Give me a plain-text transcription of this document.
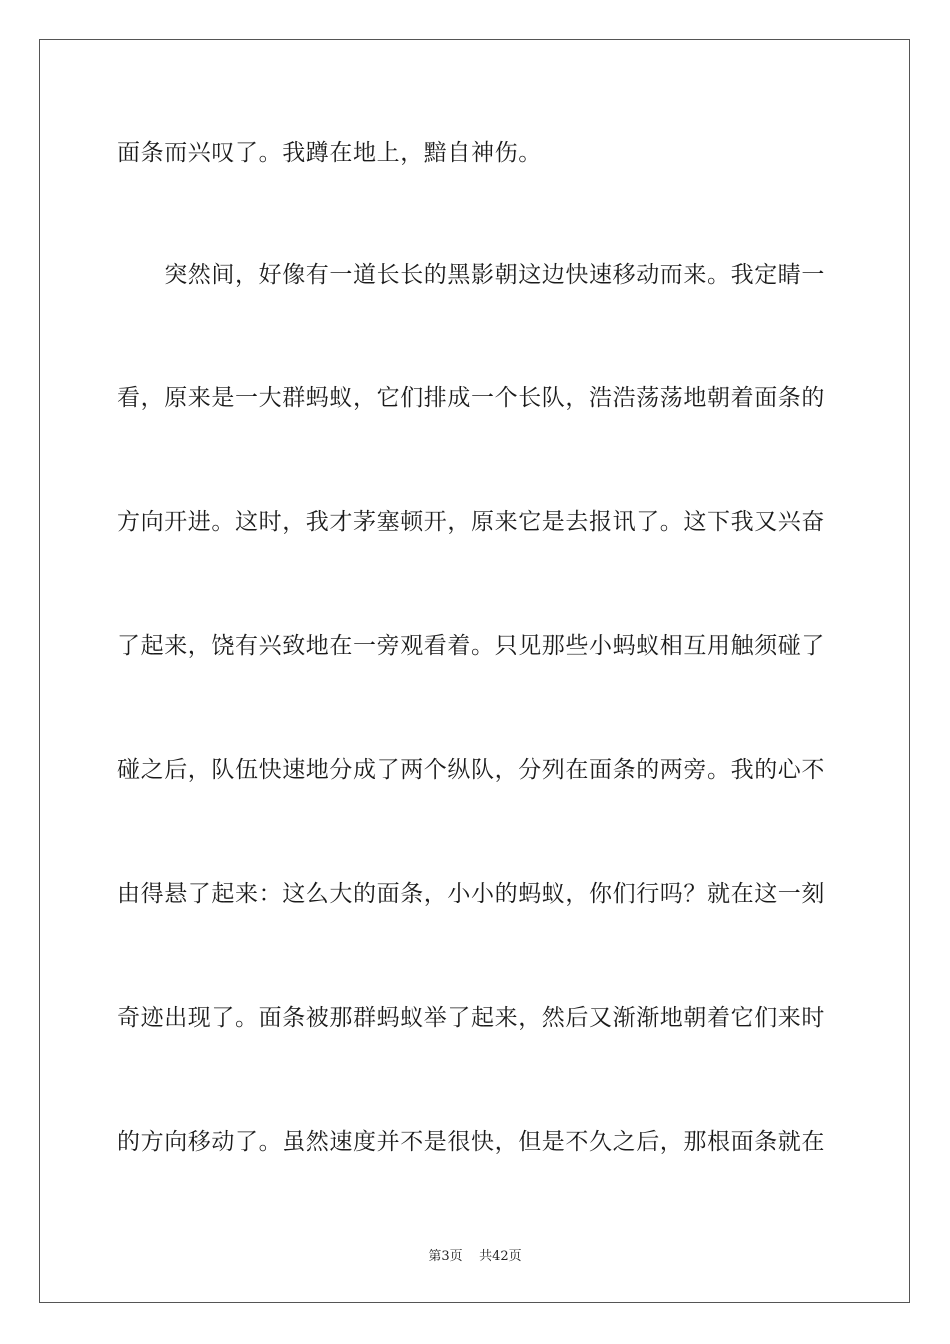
面条而兴叹了。我蹲在地上，黯自神伤。
　　突然间，好像有一道长长的黑影朝这边快速移动而来。我定睛一
看，原来是一大群蚂蚁，它们排成一个长队，浩浩荡荡地朝着面条的
方向开进。这时，我才茅塞顿开，原来它是去报讯了。这下我又兴奋
了起来，饶有兴致地在一旁观看着。只见那些小蚂蚁相互用触须碰了
碰之后，队伍快速地分成了两个纵队，分列在面条的两旁。我的心不
由得悬了起来：这么大的面条，小小的蚂蚁，你们行吗？就在这一刻
奇迹出现了。面条被那群蚂蚁举了起来，然后又渐渐地朝着它们来时
的方向移动了。虽然速度并不是很快，但是不久之后，那根面条就在
第3页 共42页
